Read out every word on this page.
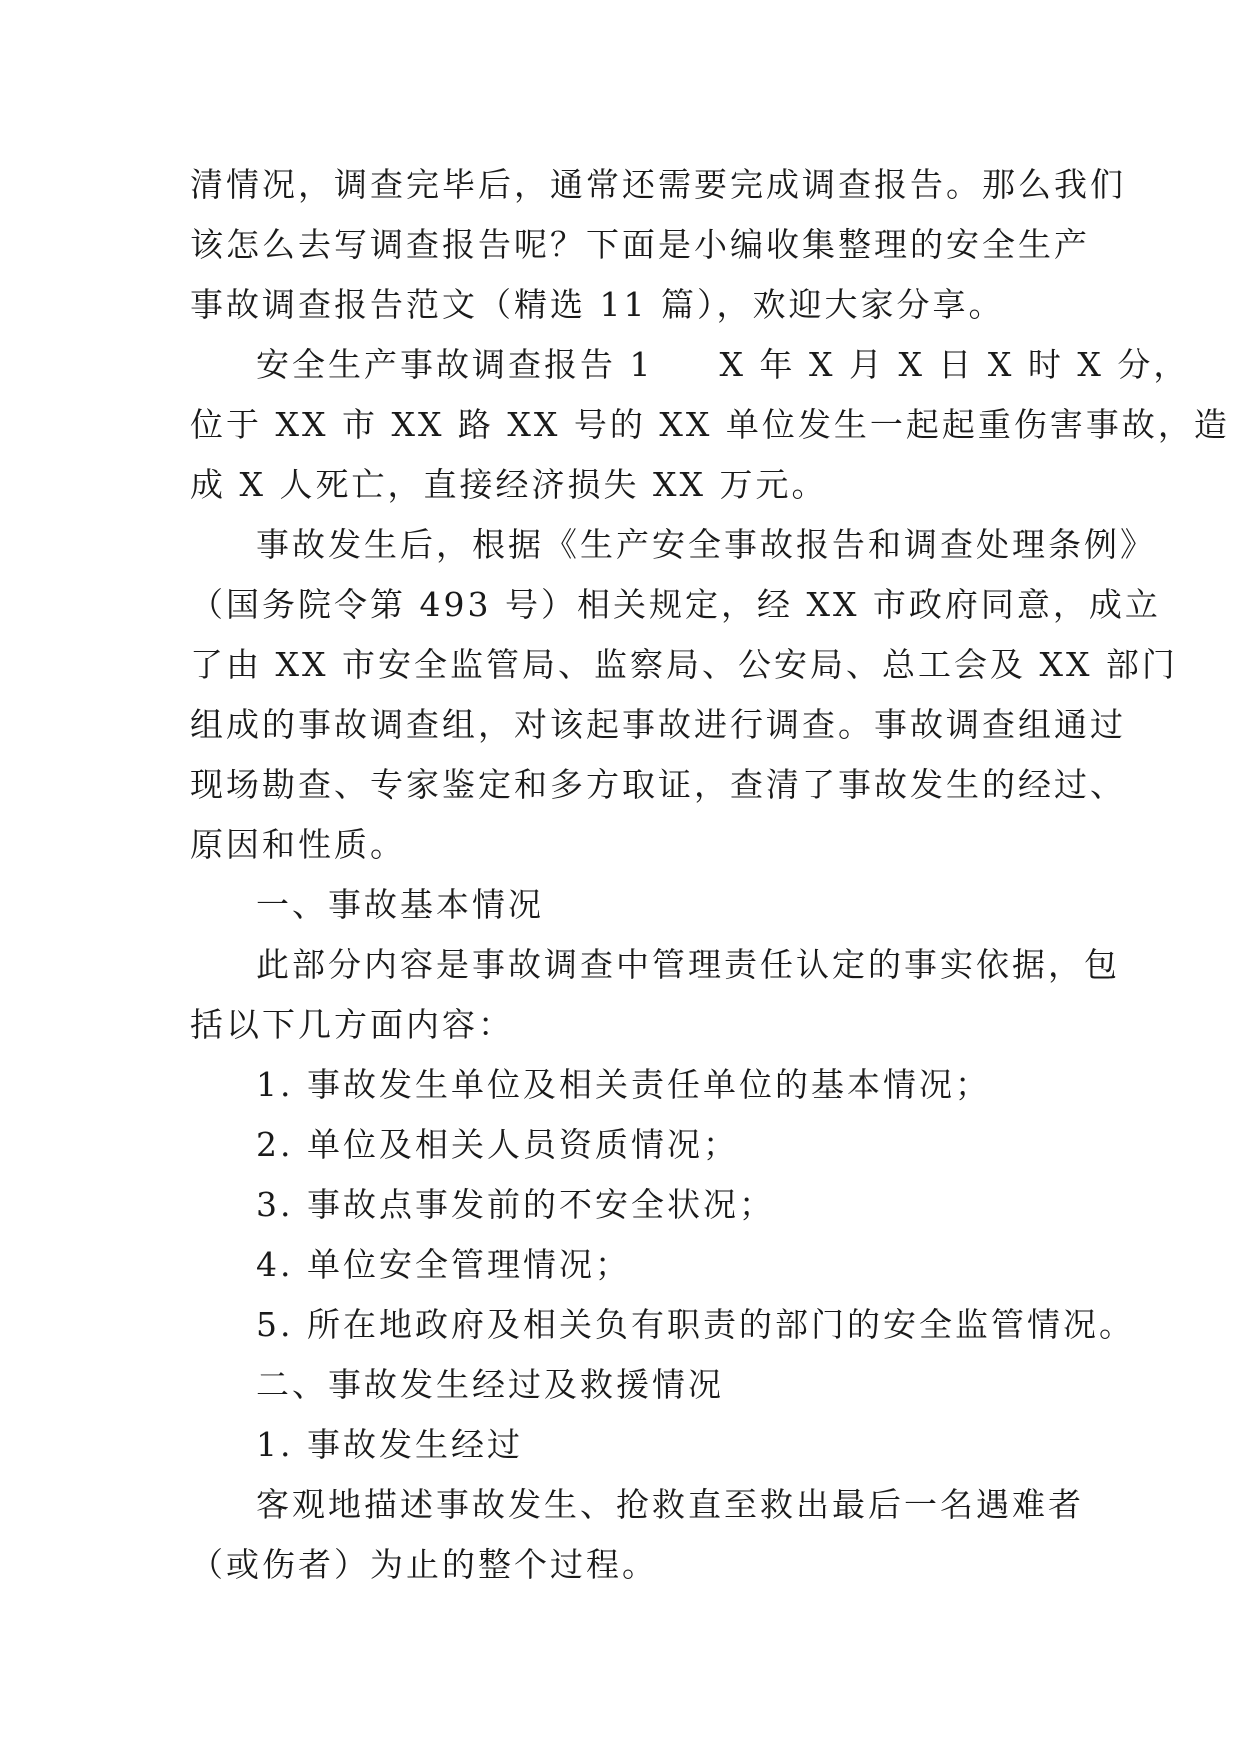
清情况，调查完毕后，通常还需要完成调查报告。那么我们
该怎么去写调查报告呢？下面是小编收集整理的安全生产
事故调查报告范文（精选 11 篇），欢迎大家分享。
安全生产事故调查报告 1 X 年 X 月 X 日 X 时 X 分，
位于 XX 市 XX 路 XX 号的 XX 单位发生一起起重伤害事故，造
成 X 人死亡，直接经济损失 XX 万元。
事故发生后，根据《生产安全事故报告和调查处理条例》
（国务院令第 493 号）相关规定，经 XX 市政府同意，成立
了由 XX 市安全监管局、监察局、公安局、总工会及 XX 部门
组成的事故调查组，对该起事故进行调查。事故调查组通过
现场勘查、专家鉴定和多方取证，查清了事故发生的经过、
原因和性质。
一、事故基本情况
此部分内容是事故调查中管理责任认定的事实依据，包
括以下几方面内容：
1. 事故发生单位及相关责任单位的基本情况；
2. 单位及相关人员资质情况；
3. 事故点事发前的不安全状况；
4. 单位安全管理情况；
5. 所在地政府及相关负有职责的部门的安全监管情况。
二、事故发生经过及救援情况
1. 事故发生经过
客观地描述事故发生、抢救直至救出最后一名遇难者
（或伤者）为止的整个过程。
